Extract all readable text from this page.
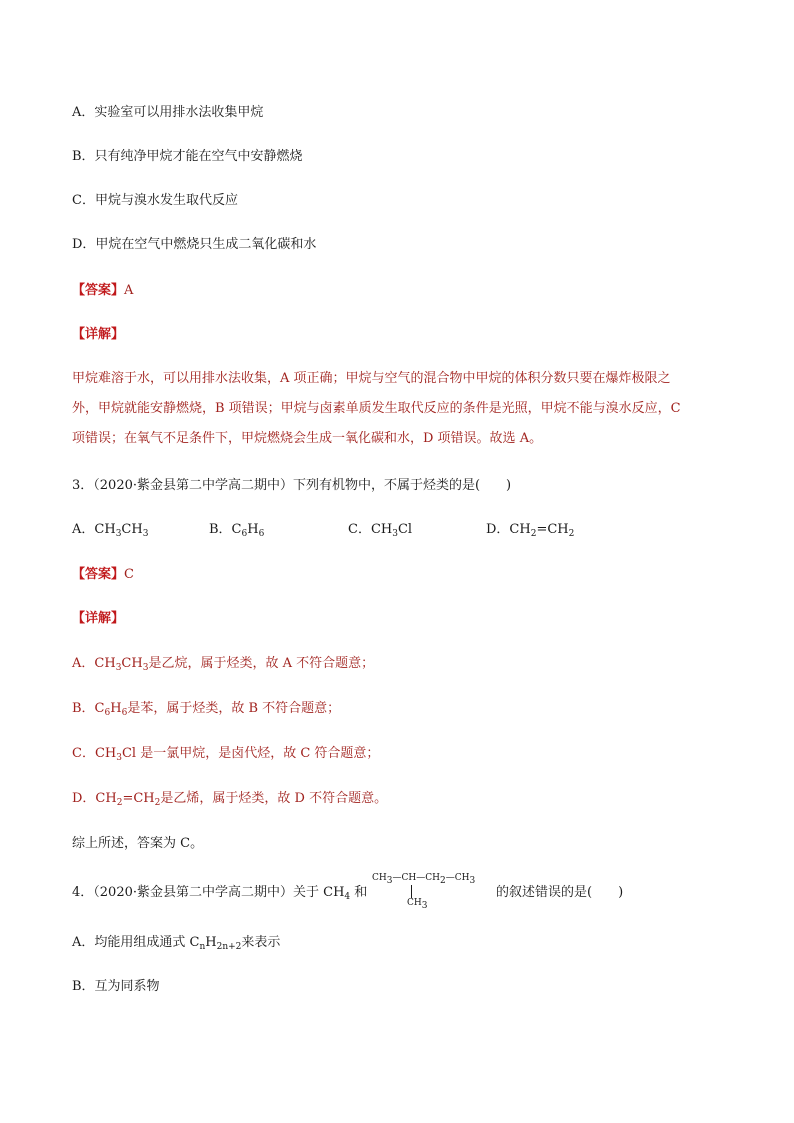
A．实验室可以用排水法收集甲烷
B．只有纯净甲烷才能在空气中安静燃烧
C．甲烷与溴水发生取代反应
D．甲烷在空气中燃烧只生成二氧化碳和水
【答案】A
【详解】
甲烷难溶于水，可以用排水法收集，A 项正确；甲烷与空气的混合物中甲烷的体积分数只要在爆炸极限之
外，甲烷就能安静燃烧，B 项错误；甲烷与卤素单质发生取代反应的条件是光照，甲烷不能与溴水反应，C
项错误；在氧气不足条件下，甲烷燃烧会生成一氧化碳和水，D 项错误。故选 A。
3．（2020·紫金县第二中学高二期中）下列有机物中，不属于烃类的是(　　)
A．$CH_3CH_3$	B．$C_6H_6$	C．$CH_3Cl$	D．$CH_2=CH_2$
【答案】C
【详解】
A．$CH_3CH_3$是乙烷，属于烃类，故 A 不符合题意；
B．$C_6H_6$是苯，属于烃类，故 B 不符合题意；
C．$CH_3Cl$ 是一氯甲烷，是卤代烃，故 C 符合题意；
D．$CH_2=CH_2$是乙烯，属于烃类，故 D 不符合题意。
综上所述，答案为 C。
4．（2020·紫金县第二中学高二期中）关于 $CH_4$ 和
$CH_3—CH—CH_2—CH_3$
$CH_3$
的叙述错误的是(　　)
A．均能用组成通式 $C_nH_{2n+2}$来表示
B．互为同系物
